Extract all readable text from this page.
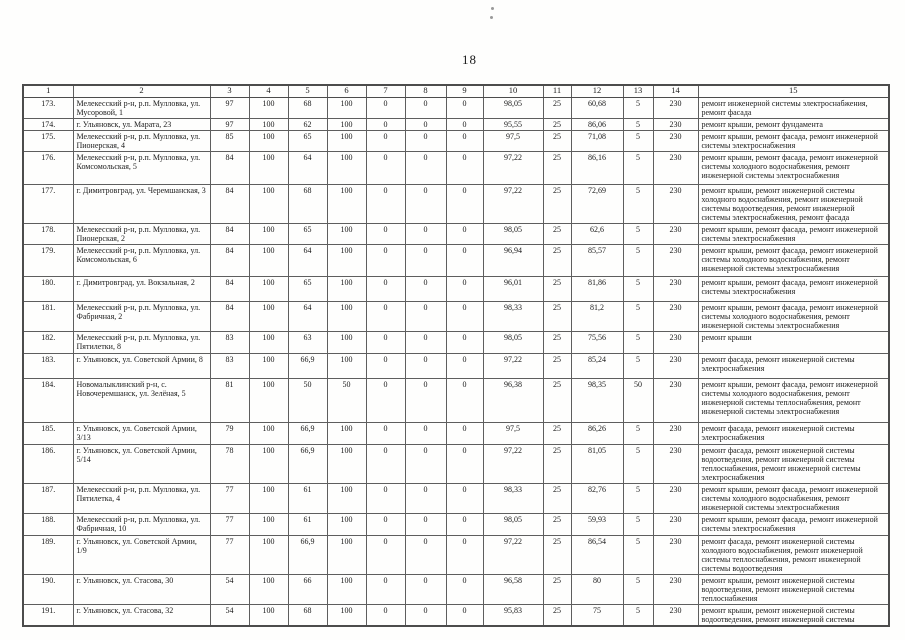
18
1	2	3	4	5	6	7	8	9	10	11	12	13	14	15
173.	Мелекесский р-н, р.п. Мулловка, ул. Мусоровой, 1	97	100	68	100	0	0	0	98,05	25	60,68	5	230	ремонт инженерной системы электроснабжения, ремонт фасада
174.	г. Ульяновск, ул. Марата, 23	97	100	62	100	0	0	0	95,55	25	86,06	5	230	ремонт крыши, ремонт фундамента
175.	Мелекесский р-н, р.п. Мулловка, ул. Пионерская, 4	85	100	65	100	0	0	0	97,5	25	71,08	5	230	ремонт крыши, ремонт фасада, ремонт инженерной системы электроснабжения
176.	Мелекесский р-н, р.п. Мулловка, ул. Комсомольская, 5	84	100	64	100	0	0	0	97,22	25	86,16	5	230	ремонт крыши, ремонт фасада, ремонт инженерной системы холодного водоснабжения, ремонт инженерной системы электроснабжения
177.	г. Димитровград, ул. Черемшанская, 3	84	100	68	100	0	0	0	97,22	25	72,69	5	230	ремонт крыши, ремонт инженерной системы холодного водоснабжения, ремонт инженерной системы водоотведения, ремонт инженерной системы электроснабжения, ремонт фасада
178.	Мелекесский р-н, р.п. Мулловка, ул. Пионерская, 2	84	100	65	100	0	0	0	98,05	25	62,6	5	230	ремонт крыши, ремонт фасада, ремонт инженерной системы электроснабжения
179.	Мелекесский р-н, р.п. Мулловка, ул. Комсомольская, 6	84	100	64	100	0	0	0	96,94	25	85,57	5	230	ремонт крыши, ремонт фасада, ремонт инженерной системы холодного водоснабжения, ремонт инженерной системы электроснабжения
180.	г. Димитровград, ул. Вокзальная, 2	84	100	65	100	0	0	0	96,01	25	81,86	5	230	ремонт крыши, ремонт фасада, ремонт инженерной системы электроснабжения
181.	Мелекесский р-н, р.п. Мулловка, ул. Фабричная, 2	84	100	64	100	0	0	0	98,33	25	81,2	5	230	ремонт крыши, ремонт фасада, ремонт инженерной системы холодного водоснабжения, ремонт инженерной системы электроснабжения
182.	Мелекесский р-н, р.п. Мулловка, ул. Пятилетки, 8	83	100	63	100	0	0	0	98,05	25	75,56	5	230	ремонт крыши
183.	г. Ульяновск, ул. Советской Армии, 8	83	100	66,9	100	0	0	0	97,22	25	85,24	5	230	ремонт фасада, ремонт инженерной системы электроснабжения
184.	Новомалыклинский р-н, с. Новочеремшанск, ул. Зелёная, 5	81	100	50	50	0	0	0	96,38	25	98,35	50	230	ремонт крыши, ремонт фасада, ремонт инженерной системы холодного водоснабжения, ремонт инженерной системы теплоснабжения, ремонт инженерной системы электроснабжения
185.	г. Ульяновск, ул. Советской Армии, 3/13	79	100	66,9	100	0	0	0	97,5	25	86,26	5	230	ремонт фасада, ремонт инженерной системы электроснабжения
186.	г. Ульяновск, ул. Советской Армии, 5/14	78	100	66,9	100	0	0	0	97,22	25	81,05	5	230	ремонт фасада, ремонт инженерной системы водоотведения, ремонт инженерной системы теплоснабжения, ремонт инженерной системы электроснабжения
187.	Мелекесский р-н, р.п. Мулловка, ул. Пятилетка, 4	77	100	61	100	0	0	0	98,33	25	82,76	5	230	ремонт крыши, ремонт фасада, ремонт инженерной системы холодного водоснабжения, ремонт инженерной системы электроснабжения
188.	Мелекесский р-н, р.п. Мулловка, ул. Фабричная, 10	77	100	61	100	0	0	0	98,05	25	59,93	5	230	ремонт крыши, ремонт фасада, ремонт инженерной системы электроснабжения
189.	г. Ульяновск, ул. Советской Армии, 1/9	77	100	66,9	100	0	0	0	97,22	25	86,54	5	230	ремонт фасада, ремонт инженерной системы холодного водоснабжения, ремонт инженерной системы теплоснабжения, ремонт инженерной системы водоотведения
190.	г. Ульяновск, ул. Стасова, 30	54	100	66	100	0	0	0	96,58	25	80	5	230	ремонт крыши, ремонт инженерной системы водоотведения, ремонт инженерной системы теплоснабжения
191.	г. Ульяновск, ул. Стасова, 32	54	100	68	100	0	0	0	95,83	25	75	5	230	ремонт крыши, ремонт инженерной системы водоотведения, ремонт инженерной системы
